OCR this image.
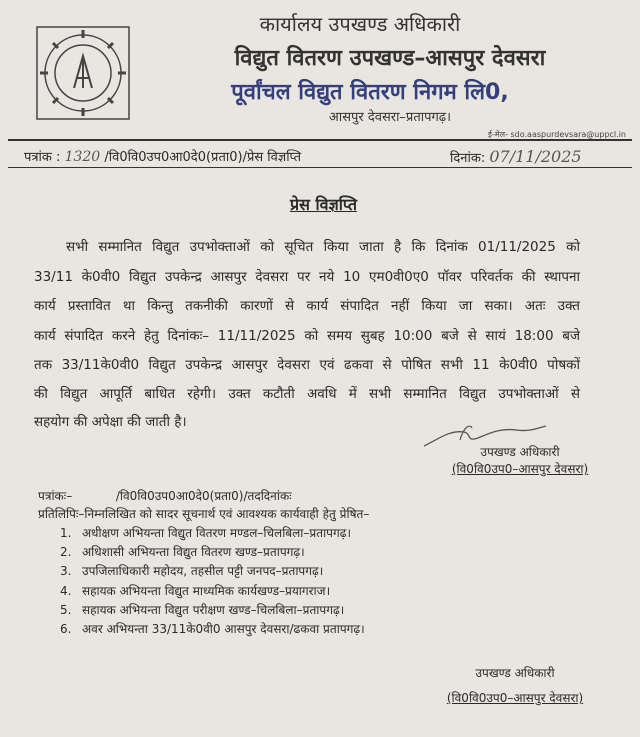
कार्यालय उपखण्ड अधिकारी
विद्युत वितरण उपखण्ड–आसपुर देवसरा
पूर्वांचल विद्युत वितरण निगम लि0,
आसपुर देवसरा–प्रतापगढ़।
ई-मेल- sdo.aaspurdevsara@uppcl.in
पत्रांक : 1320 /वि0वि0उप0आ0दे0(प्रता0)/प्रेस विज्ञप्ति	दिनांक: 07/11/2025
प्रेस विज्ञप्ति
सभी सम्मानित विद्युत उपभोक्ताओं को सूचित किया जाता है कि दिनांक 01/11/2025 को
33/11 के0वी0 विद्युत उपकेन्द्र आसपुर देवसरा पर नये 10 एम0वी0ए0 पॉवर परिवर्तक की स्थापना
कार्य प्रस्तावित था किन्तु तकनीकी कारणों से कार्य संपादित नहीं किया जा सका। अतः उक्त
कार्य संपादित करने हेतु दिनांकः– 11/11/2025 को समय सुबह 10:00 बजे से सायं 18:00 बजे
तक 33/11के0वी0 विद्युत उपकेन्द्र आसपुर देवसरा एवं ढकवा से पोषित सभी 11 के0वी0 पोषकों
की विद्युत आपूर्ति बाधित रहेगी। उक्त कटौती अवधि में सभी सम्मानित विद्युत उपभोक्ताओं से
सहयोग की अपेक्षा की जाती है।
उपखण्ड अधिकारी
(वि0वि0उप0–आसपुर देवसरा)
पत्रांकः–	/वि0वि0उप0आ0दे0(प्रता0)/तददिनांकः
प्रतिलिपिः–निम्नलिखित को सादर सूचनार्थ एवं आवश्यक कार्यवाही हेतु प्रेषित–
1. अधीक्षण अभियन्ता विद्युत वितरण मण्डल–चिलबिला–प्रतापगढ़।
2. अधिशासी अभियन्ता विद्युत वितरण खण्ड–प्रतापगढ़।
3. उपजिलाधिकारी महोदय, तहसील पट्टी जनपद–प्रतापगढ़।
4. सहायक अभियन्ता विद्युत माध्यमिक कार्यखण्ड–प्रयागराज।
5. सहायक अभियन्ता विद्युत परीक्षण खण्ड–चिलबिला–प्रतापगढ़।
6. अवर अभियन्ता 33/11के0वी0 आसपुर देवसरा/ढकवा प्रतापगढ़।
उपखण्ड अधिकारी
(वि0वि0उप0–आसपुर देवसरा)
